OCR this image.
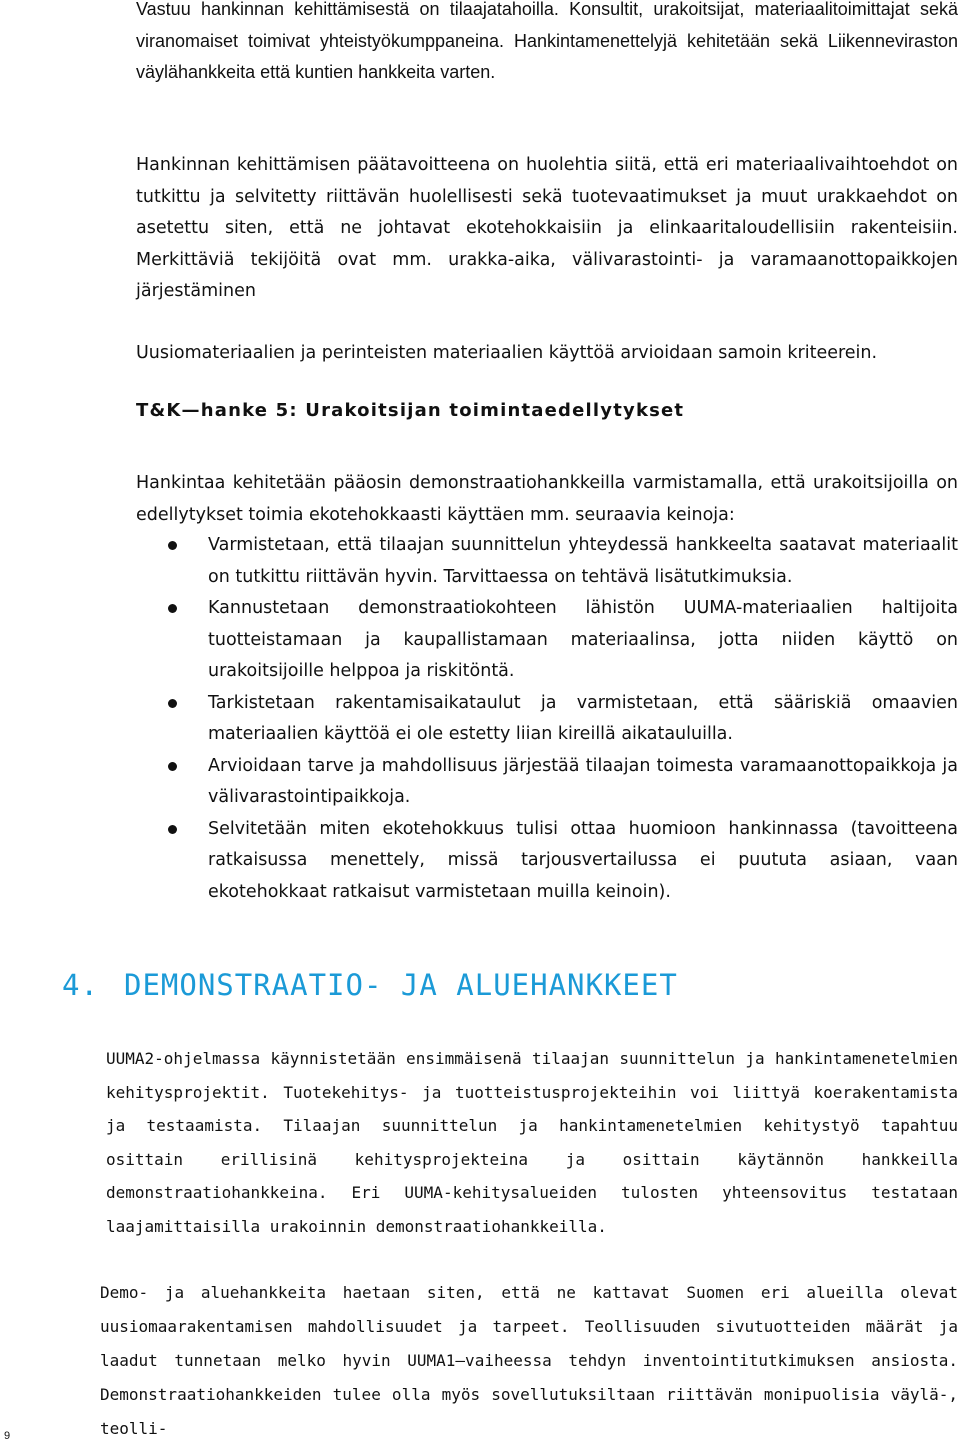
Vastuu hankinnan kehittämisestä on tilaajatahoilla. Konsultit, urakoitsijat, materiaalitoimittajat sekä viranomaiset toimivat yhteistyökumppaneina. Hankintamenettelyjä kehitetään sekä Liikenneviraston väylähankkeita että kuntien hankkeita varten.

Hankinnan kehittämisen päätavoitteena on huolehtia siitä, että eri materiaalivaihtoehdot on tutkittu ja selvitetty riittävän huolellisesti sekä tuotevaatimukset ja muut urakkaehdot on asetettu siten, että ne johtavat ekotehokkaisiin ja elinkaaritaloudellisiin rakenteisiin. Merkittäviä tekijöitä ovat mm. urakka-aika, välivarastointi- ja varamaanottopaikkojen järjestäminen

Uusiomateriaalien ja perinteisten materiaalien käyttöä arvioidaan samoin kriteerein.

T&K—hanke 5: Urakoitsijan toimintaedellytykset

Hankintaa kehitetään pääosin demonstraatiohankkeilla varmistamalla, että urakoitsijoilla on edellytykset toimia ekotehokkaasti käyttäen mm. seuraavia keinoja:

Varmistetaan, että tilaajan suunnittelun yhteydessä hankkeelta saatavat materiaalit on tutkittu riittävän hyvin. Tarvittaessa on tehtävä lisätutkimuksia.
Kannustetaan demonstraatiokohteen lähistön UUMA-materiaalien haltijoita tuotteistamaan ja kaupallistamaan materiaalinsa, jotta niiden käyttö on urakoitsijoille helppoa ja riskitöntä.
Tarkistetaan rakentamisaikataulut ja varmistetaan, että sääriskiä omaavien materiaalien käyttöä ei ole estetty liian kireillä aikatauluilla.
Arvioidaan tarve ja mahdollisuus järjestää tilaajan toimesta varamaanottopaikkoja ja välivarastointipaikkoja.
Selvitetään miten ekotehokkuus tulisi ottaa huomioon hankinnassa (tavoitteena ratkaisussa menettely, missä tarjousvertailussa ei puututa asiaan, vaan ekotehokkaat ratkaisut varmistetaan muilla keinoin).
4. DEMONSTRAATIO- JA ALUEHANKKEET

UUMA2-ohjelmassa käynnistetään ensimmäisenä tilaajan suunnittelun ja hankintamenetelmien kehitysprojektit. Tuotekehitys- ja tuotteistusprojekteihin voi liittyä koerakentamista ja testaamista. Tilaajan suunnittelun ja hankintamenetelmien kehitystyö tapahtuu osittain erillisinä kehitysprojekteina ja osittain käytännön hankkeilla demonstraatiohankkeina. Eri UUMA-kehitysalueiden tulosten yhteensovitus testataan laajamittaisilla urakoinnin demonstraatiohankkeilla.

Demo- ja aluehankkeita haetaan siten, että ne kattavat Suomen eri alueilla olevat uusiomaarakentamisen mahdollisuudet ja tarpeet. Teollisuuden sivutuotteiden määrät ja laadut tunnetaan melko hyvin UUMA1–vaiheessa tehdyn inventointitutkimuksen ansiosta. Demonstraatiohankkeiden tulee olla myös sovellutuksiltaan riittävän monipuolisia väylä-, teolli-

9
